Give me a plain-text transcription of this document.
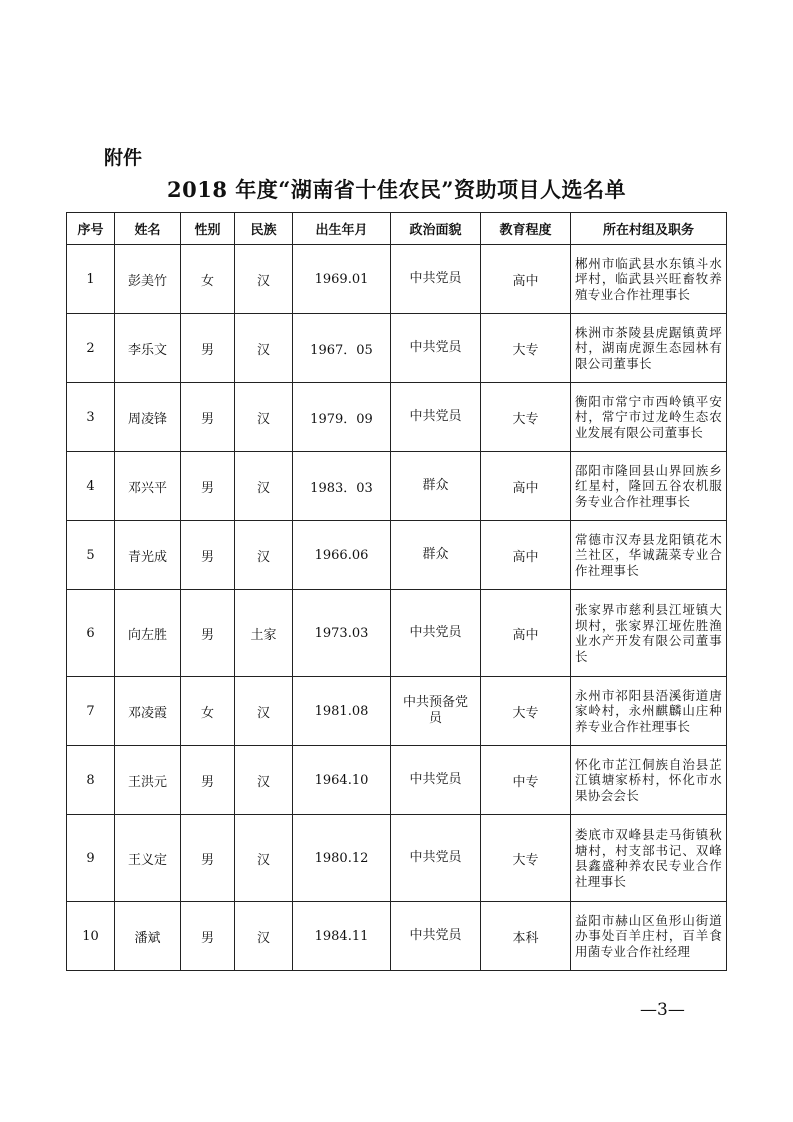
附件
2018 年度“湖南省十佳农民”资助项目人选名单
序号	姓名	性别	民族	出生年月	政治面貌	教育程度	所在村组及职务
1	彭美竹	女	汉	1969.01	中共党员	高中	郴州市临武县水东镇斗水坪村，临武县兴旺畜牧养殖专业合作社理事长
2	李乐文	男	汉	1967．05	中共党员	大专	株洲市茶陵县虎踞镇黄坪村，湖南虎源生态园林有限公司董事长
3	周凌锋	男	汉	1979．09	中共党员	大专	衡阳市常宁市西岭镇平安村，常宁市过龙岭生态农业发展有限公司董事长
4	邓兴平	男	汉	1983．03	群众	高中	邵阳市隆回县山界回族乡红星村，隆回五谷农机服务专业合作社理事长
5	青光成	男	汉	1966.06	群众	高中	常德市汉寿县龙阳镇花木兰社区，华诚蔬菜专业合作社理事长
6	向左胜	男	土家	1973.03	中共党员	高中	张家界市慈利县江垭镇大坝村，张家界江垭佐胜渔业水产开发有限公司董事长
7	邓凌霞	女	汉	1981.08	中共预备党员	大专	永州市祁阳县浯溪街道唐家岭村，永州麒麟山庄种养专业合作社理事长
8	王洪元	男	汉	1964.10	中共党员	中专	怀化市芷江侗族自治县芷江镇塘家桥村，怀化市水果协会会长
9	王义定	男	汉	1980.12	中共党员	大专	娄底市双峰县走马街镇秋塘村，村支部书记、双峰县鑫盛种养农民专业合作社理事长
10	潘斌	男	汉	1984.11	中共党员	本科	益阳市赫山区鱼形山街道办事处百羊庄村，百羊食用菌专业合作社经理
—3—
